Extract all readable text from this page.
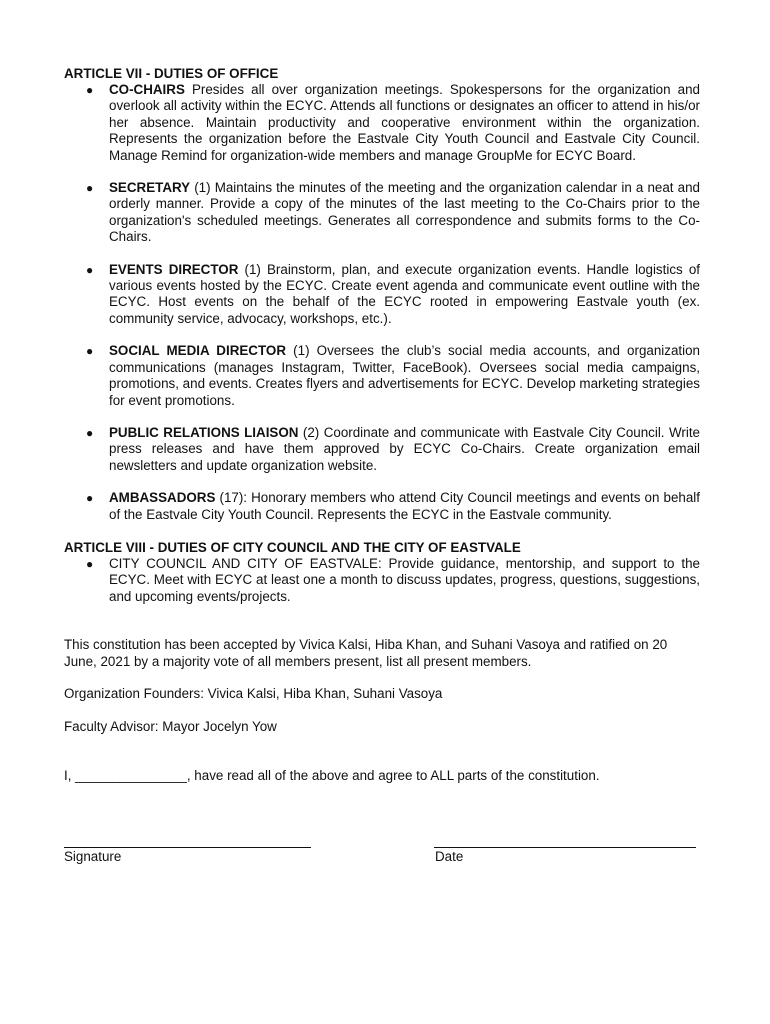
ARTICLE VII - DUTIES OF OFFICE
● CO-CHAIRS Presides all over organization meetings. Spokespersons for the organization and overlook all activity within the ECYC. Attends all functions or designates an officer to attend in his/or her absence. Maintain productivity and cooperative environment within the organization. Represents the organization before the Eastvale City Youth Council and Eastvale City Council. Manage Remind for organization-wide members and manage GroupMe for ECYC Board.
● SECRETARY (1) Maintains the minutes of the meeting and the organization calendar in a neat and orderly manner. Provide a copy of the minutes of the last meeting to the Co-Chairs prior to the organization's scheduled meetings. Generates all correspondence and submits forms to the Co-Chairs.
● EVENTS DIRECTOR (1) Brainstorm, plan, and execute organization events. Handle logistics of various events hosted by the ECYC. Create event agenda and communicate event outline with the ECYC. Host events on the behalf of the ECYC rooted in empowering Eastvale youth (ex. community service, advocacy, workshops, etc.).
● SOCIAL MEDIA DIRECTOR (1) Oversees the club’s social media accounts, and organization communications (manages Instagram, Twitter, FaceBook). Oversees social media campaigns, promotions, and events. Creates flyers and advertisements for ECYC. Develop marketing strategies for event promotions.
● PUBLIC RELATIONS LIAISON (2) Coordinate and communicate with Eastvale City Council. Write press releases and have them approved by ECYC Co-Chairs. Create organization email newsletters and update organization website.
● AMBASSADORS (17): Honorary members who attend City Council meetings and events on behalf of the Eastvale City Youth Council. Represents the ECYC in the Eastvale community.
ARTICLE VIII - DUTIES OF CITY COUNCIL AND THE CITY OF EASTVALE
● CITY COUNCIL AND CITY OF EASTVALE: Provide guidance, mentorship, and support to the ECYC. Meet with ECYC at least one a month to discuss updates, progress, questions, suggestions, and upcoming events/projects.
This constitution has been accepted by Vivica Kalsi, Hiba Khan, and Suhani Vasoya and ratified on 20 June, 2021 by a majority vote of all members present, list all present members.
Organization Founders: Vivica Kalsi, Hiba Khan, Suhani Vasoya
Faculty Advisor: Mayor Jocelyn Yow
I, _______________, have read all of the above and agree to ALL parts of the constitution.
Signature	Date
